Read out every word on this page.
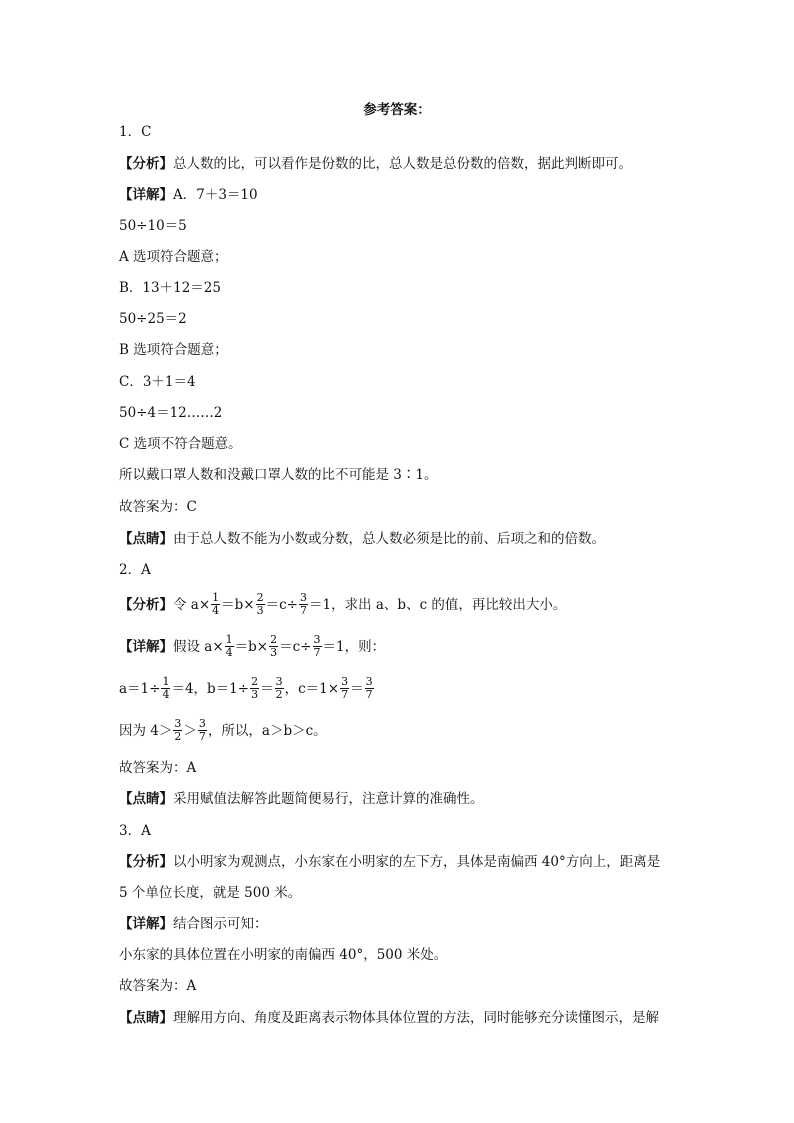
参考答案：
1．C
【分析】总人数的比，可以看作是份数的比，总人数是总份数的倍数，据此判断即可。
【详解】A．7＋3＝10
50÷10＝5
A 选项符合题意；
B．13＋12＝25
50÷25＝2
B 选项符合题意；
C．3＋1＝4
50÷4＝12……2
C 选项不符合题意。
所以戴口罩人数和没戴口罩人数的比不可能是 3∶1。
故答案为：C
【点睛】由于总人数不能为小数或分数，总人数必须是比的前、后项之和的倍数。
2．A
【分析】 令 $a\times \frac{1}{4} =b\times \frac{2}{3} =c\div \frac{3}{7} =1$，求出 a、b、c 的值，再比较出大小。
【详解】 假设 $a\times \frac{1}{4} =b\times \frac{2}{3} =c\div \frac{3}{7} =1$，则：
$a=1\div \frac{1}{4} =4$，$b=1\div \frac{2}{3} = \frac{3}{2}$ ，$c=1\times \frac{3}{7} = \frac{3}{7}$
因为 $4> \frac{3}{2} > \frac{3}{7}$ ，所以，a＞b＞c。
故答案为：A
【点睛】采用赋值法解答此题简便易行，注意计算的准确性。
3．A
【分析】以小明家为观测点，小东家在小明家的左下方，具体是南偏西 40°方向上，距离是
5 个单位长度，就是 500 米。
【详解】结合图示可知：
小东家的具体位置在小明家的南偏西 40°，500 米处。
故答案为：A
【点睛】理解用方向、角度及距离表示物体具体位置的方法，同时能够充分读懂图示，是解
